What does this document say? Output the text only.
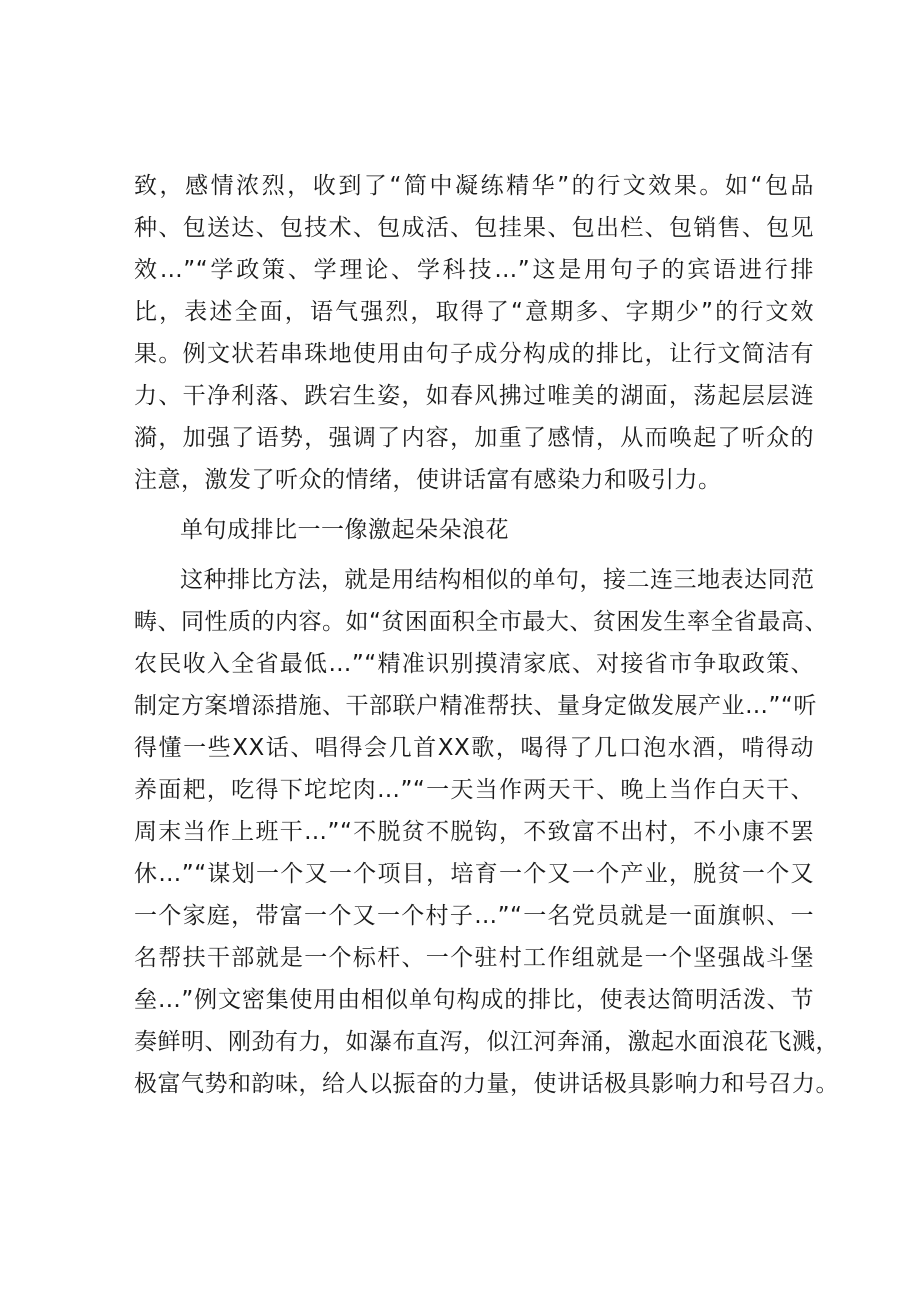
致，感情浓烈，收到了“简中凝练精华”的行文效果。如“包品
种、包送达、包技术、包成活、包挂果、包出栏、包销售、包见
效…”“学政策、学理论、学科技…”这是用句子的宾语进行排
比，表述全面，语气强烈，取得了“意期多、字期少”的行文效
果。例文状若串珠地使用由句子成分构成的排比，让行文简洁有
力、干净利落、跌宕生姿，如春风拂过唯美的湖面，荡起层层涟
漪，加强了语势，强调了内容，加重了感情，从而唤起了听众的
注意，激发了听众的情绪，使讲话富有感染力和吸引力。
单句成排比一一像激起朵朵浪花
这种排比方法，就是用结构相似的单句，接二连三地表达同范
畴、同性质的内容。如“贫困面积全市最大、贫困发生率全省最高、
农民收入全省最低…”“精准识别摸清家底、对接省市争取政策、
制定方案增添措施、干部联户精准帮扶、量身定做发展产业…”“听
得懂一些XX话、唱得会几首XX歌，喝得了几口泡水酒，啃得动
养面耙，吃得下坨坨肉…”“一天当作两天干、晚上当作白天干、
周末当作上班干…”“不脱贫不脱钩，不致富不出村，不小康不罢
休…”“谋划一个又一个项目，培育一个又一个产业，脱贫一个又
一个家庭，带富一个又一个村子…”“一名党员就是一面旗帜、一
名帮扶干部就是一个标杆、一个驻村工作组就是一个坚强战斗堡
垒…”例文密集使用由相似单句构成的排比，使表达简明活泼、节
奏鲜明、刚劲有力，如瀑布直泻，似江河奔涌，激起水面浪花飞溅，
极富气势和韵味，给人以振奋的力量，使讲话极具影响力和号召力。
